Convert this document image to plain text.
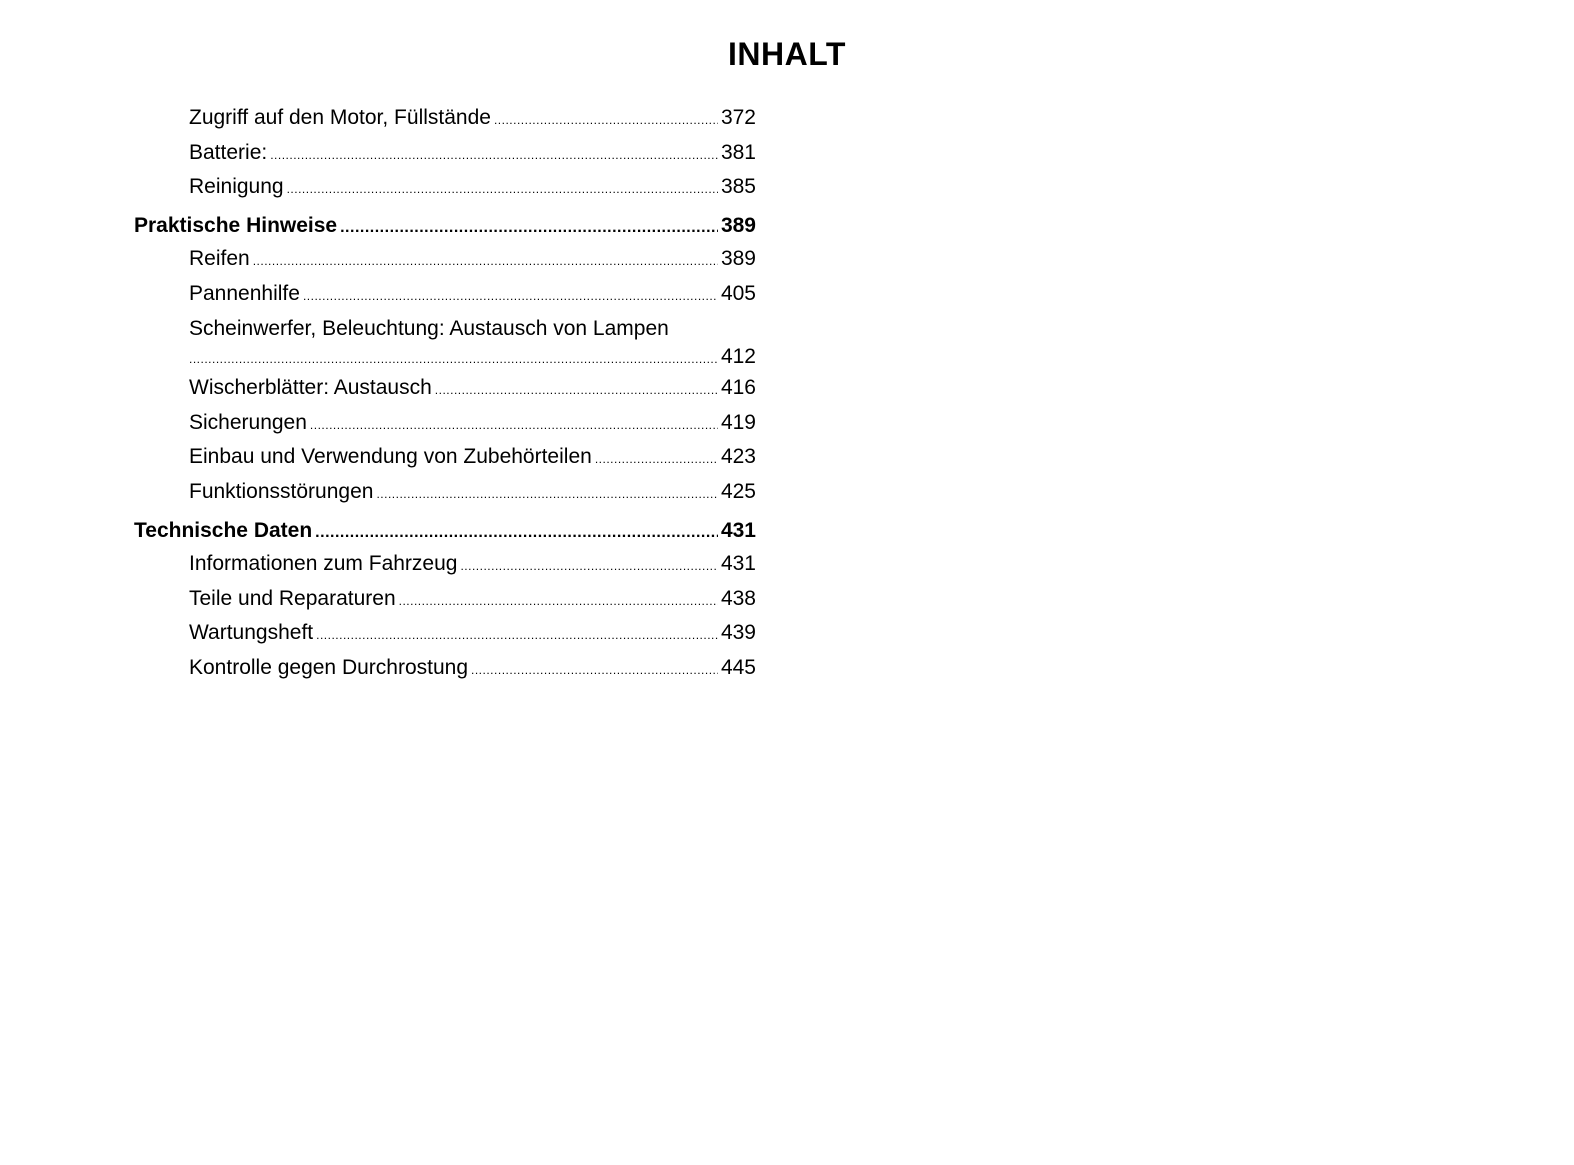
INHALT
Zugriff auf den Motor, Füllstände .....	372
Batterie: .....	381
Reinigung .....	385
Praktische Hinweise .....	389
Reifen .....	389
Pannenhilfe .....	405
Scheinwerfer, Beleuchtung: Austausch von Lampen
.....
412
Wischerblätter: Austausch .....	416
Sicherungen .....	419
Einbau und Verwendung von Zubehörteilen .....	423
Funktionsstörungen .....	425
Technische Daten .....	431
Informationen zum Fahrzeug .....	431
Teile und Reparaturen .....	438
Wartungsheft .....	439
Kontrolle gegen Durchrostung .....	445
